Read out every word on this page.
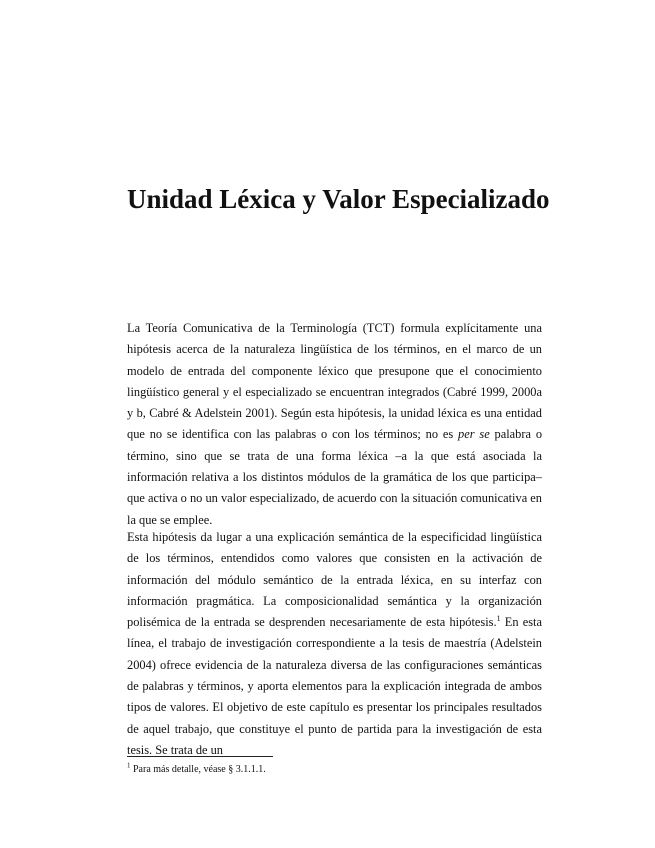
Unidad Léxica y Valor Especializado

La Teoría Comunicativa de la Terminología (TCT) formula explícitamente una hipótesis acerca de la naturaleza lingüística de los términos, en el marco de un modelo de entrada del componente léxico que presupone que el conocimiento lingüístico general y el especializado se encuentran integrados (Cabré 1999, 2000a y b, Cabré & Adelstein 2001). Según esta hipótesis, la unidad léxica es una entidad que no se identifica con las palabras o con los términos; no es per se palabra o término, sino que se trata de una forma léxica –a la que está asociada la información relativa a los distintos módulos de la gramática de los que participa– que activa o no un valor especializado, de acuerdo con la situación comunicativa en la que se emplee.

Esta hipótesis da lugar a una explicación semántica de la especificidad lingüística de los términos, entendidos como valores que consisten en la activación de información del módulo semántico de la entrada léxica, en su interfaz con información pragmática. La composicionalidad semántica y la organización polisémica de la entrada se desprenden necesariamente de esta hipótesis.$^1$ En esta línea, el trabajo de investigación correspondiente a la tesis de maestría (Adelstein 2004) ofrece evidencia de la naturaleza diversa de las configuraciones semánticas de palabras y términos, y aporta elementos para la explicación integrada de ambos tipos de valores. El objetivo de este capítulo es presentar los principales resultados de aquel trabajo, que constituye el punto de partida para la investigación de esta tesis. Se trata de un

$^1$ Para más detalle, véase § 3.1.1.1.
